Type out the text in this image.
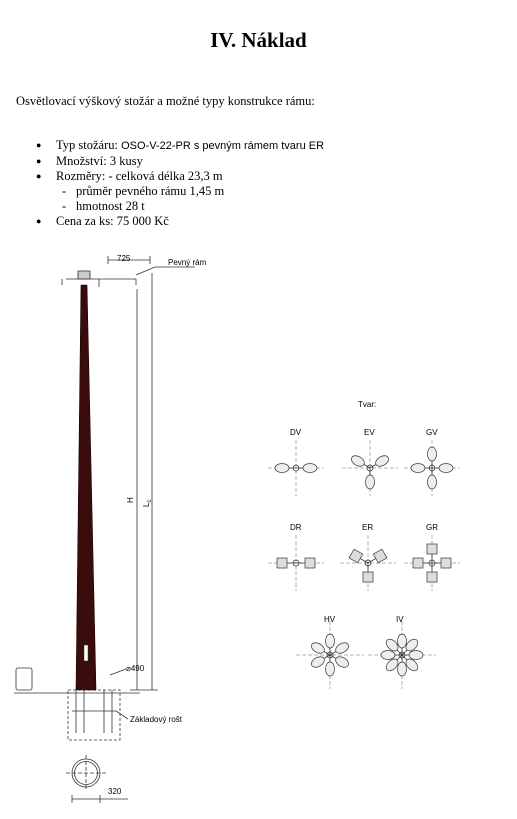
IV. Náklad
Osvětlovací výškový stožár a možné typy konstrukce rámu:
● Typ stožáru: OSO-V-22-PR s pevným rámem tvaru ER
● Množství: 3 kusy
● Rozměry: - celková délka 23,3 m
- průměr pevného rámu 1,45 m
- hmotnost 28 t
● Cena za ks: 75 000 Kč
725	Pevný rám
H
$L_c$
⌀490
Základový rošt
320
Tvar:
DV	EV	GV
DR	ER	GR
HV	IV
